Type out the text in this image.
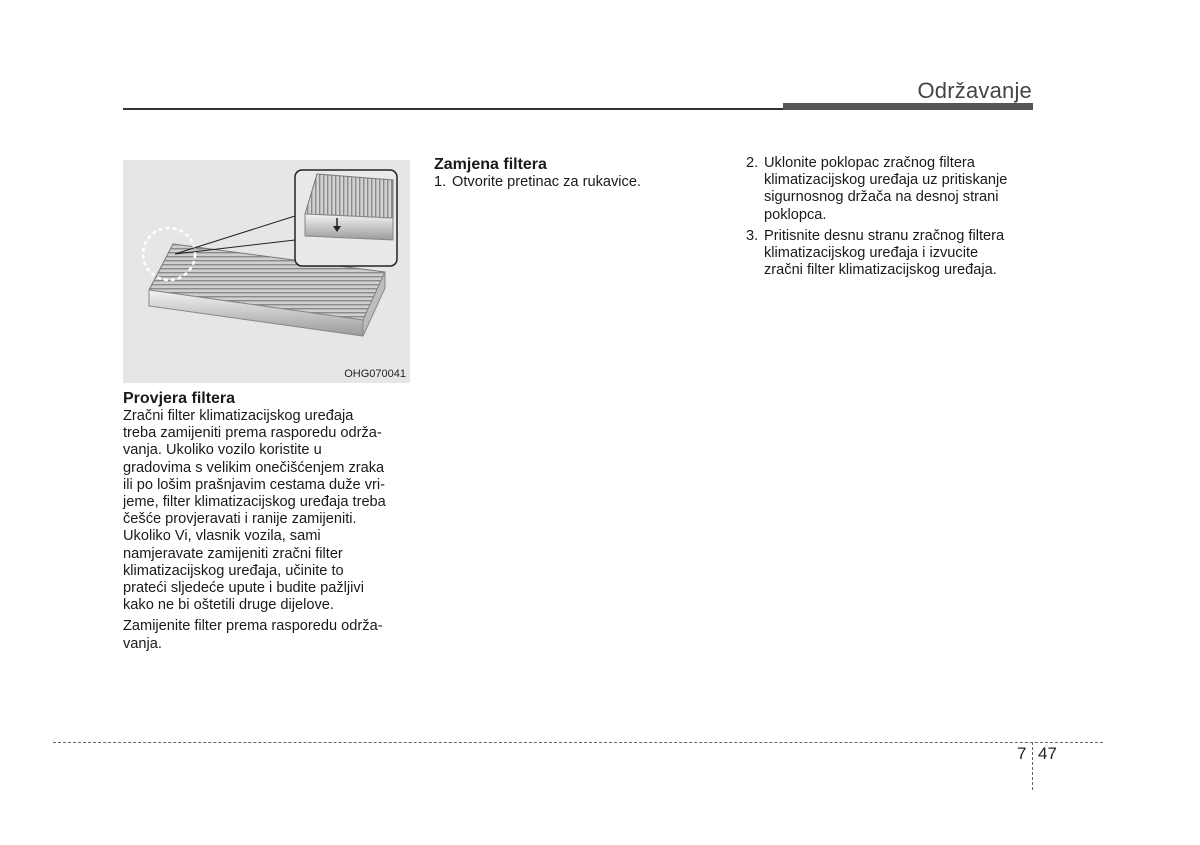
Održavanje
OHG070041

Provjera filtera

Zračni filter klimatizacijskog uređaja

treba zamijeniti prema rasporedu održa-

vanja. Ukoliko vozilo koristite u

gradovima s velikim onečišćenjem zraka

ili po lošim prašnjavim cestama duže vri-

jeme, filter klimatizacijskog uređaja treba

češće provjeravati i ranije zamijeniti.

Ukoliko Vi, vlasnik vozila, sami

namjeravate zamijeniti zračni filter

klimatizacijskog uređaja, učinite to

prateći sljedeće upute i budite pažljivi

kako ne bi oštetili druge dijelove.

Zamijenite filter prema rasporedu održa-

vanja.

Zamjena filtera

1. Otvorite pretinac za rukavice.
2. Uklonite poklopac zračnog filtera

klimatizacijskog uređaja uz pritiskanje

sigurnosnog držača na desnoj strani

poklopca.

3. Pritisnite desnu stranu zračnog filtera

klimatizacijskog uređaja i izvucite

zračni filter klimatizacijskog uređaja.

7 47
